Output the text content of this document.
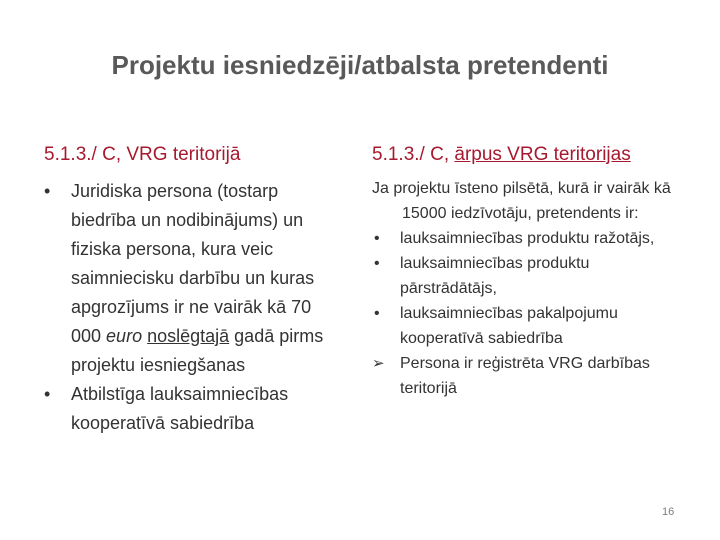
Projektu iesniedzēji/atbalsta pretendenti
5.1.3./ C, VRG teritorijā	5.1.3./ C, ārpus VRG teritorijas
• Juridiska persona (tostarp biedrība un nodibinājums) un fiziska persona, kura veic saimniecisku darbību un kuras apgrozījums ir ne vairāk kā 70 000 euro noslēgtajā gadā pirms projektu iesniegšanas
• Atbilstīga lauksaimniecības kooperatīvā sabiedrība
Ja projektu īsteno pilsētā, kurā ir vairāk kā 15000 iedzīvotāju, pretendents ir:
• lauksaimniecības produktu ražotājs,
• lauksaimniecības produktu pārstrādātājs,
• lauksaimniecības pakalpojumu kooperatīvā sabiedrība
➢ Persona ir reģistrēta VRG darbības teritorijā
16
